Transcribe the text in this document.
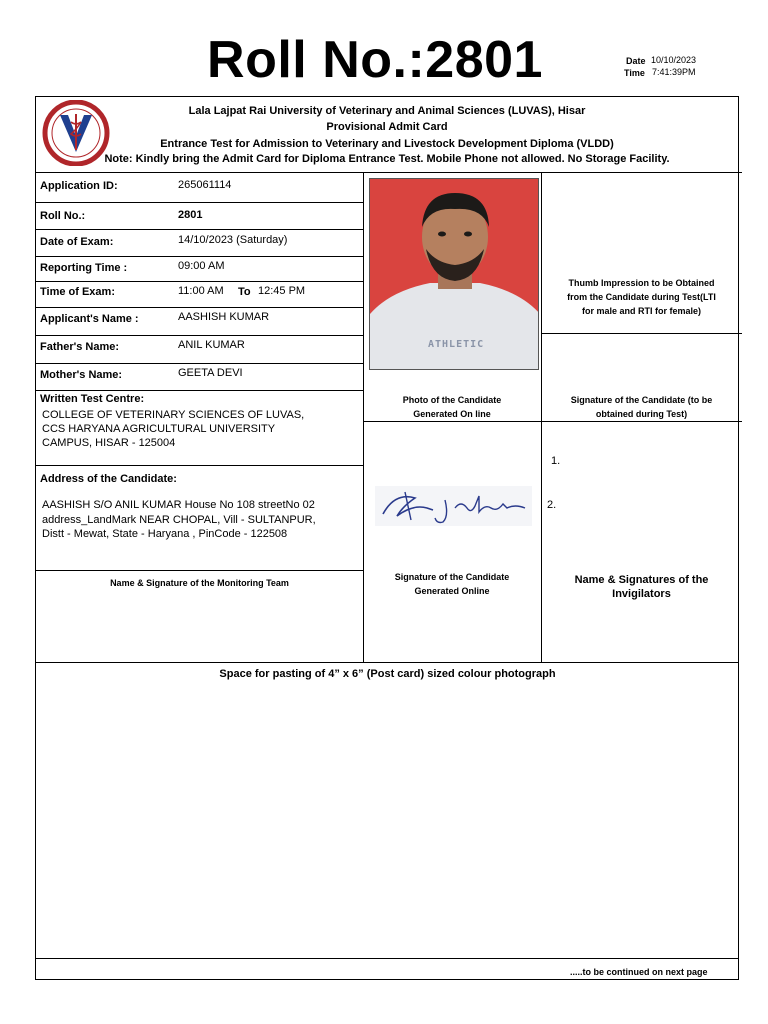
Roll No.:2801	Date 10/10/2023
Time 7:41:39PM
Lala Lajpat Rai University of Veterinary and Animal Sciences (LUVAS), Hisar
Provisional Admit Card
Entrance Test for Admission to Veterinary and Livestock Development Diploma (VLDD)
Note: Kindly bring the Admit Card for Diploma Entrance Test. Mobile Phone not allowed. No Storage Facility.
Application ID:	265061114
Roll No.:	2801
Date of Exam:	14/10/2023 (Saturday)
Reporting Time :	09:00 AM
Time of Exam:	11:00 AM To 12:45 PM
Applicant's Name :	AASHISH KUMAR
Father's Name:	ANIL KUMAR
Mother's Name:	GEETA DEVI
Written Test Centre:
COLLEGE OF VETERINARY SCIENCES OF LUVAS,
CCS HARYANA AGRICULTURAL UNIVERSITY
CAMPUS, HISAR - 125004
Address of the Candidate:
AASHISH S/O ANIL KUMAR House No 108 streetNo 02
address_LandMark NEAR CHOPAL, Vill - SULTANPUR,
Distt - Mewat, State - Haryana , PinCode - 122508
Name & Signature of the Monitoring Team
ATHLETIC
Photo of the Candidate
Generated On line
Thumb Impression to be Obtained
from the Candidate during Test(LTI
for male and RTI for female)
Signature of the Candidate (to be
obtained during Test)
Signature of the Candidate
Generated Online
1.
2.
Name & Signatures of the
Invigilators
Space for pasting of 4” x 6” (Post card) sized colour photograph
.....to be continued on next page
